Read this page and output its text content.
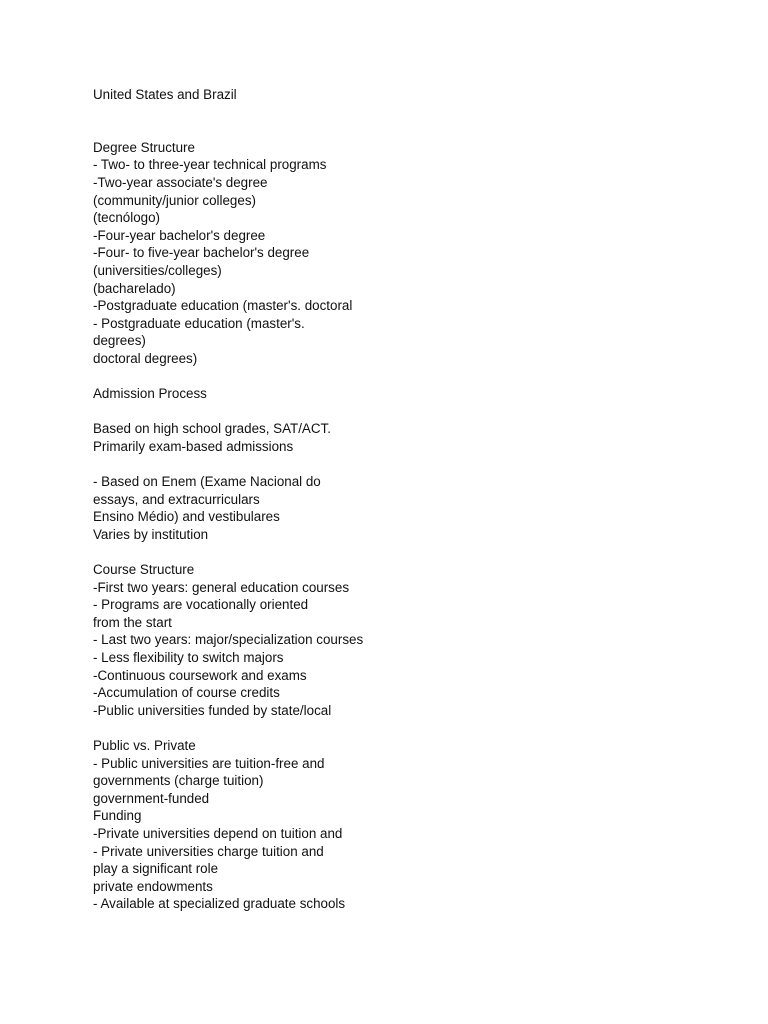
United States and Brazil
Degree Structure
- Two- to three-year technical programs
-Two-year associate's degree
(community/junior colleges)
(tecnólogo)
-Four-year bachelor's degree
-Four- to five-year bachelor's degree
(universities/colleges)
(bacharelado)
-Postgraduate education (master's. doctoral
- Postgraduate education (master's.
degrees)
doctoral degrees)
Admission Process
Based on high school grades, SAT/ACT.
Primarily exam-based admissions
- Based on Enem (Exame Nacional do
essays, and extracurriculars
Ensino Médio) and vestibulares
Varies by institution
Course Structure
-First two years: general education courses
- Programs are vocationally oriented
from the start
- Last two years: major/specialization courses
- Less flexibility to switch majors
-Continuous coursework and exams
-Accumulation of course credits
-Public universities funded by state/local
Public vs. Private
- Public universities are tuition-free and
governments (charge tuition)
government-funded
Funding
-Private universities depend on tuition and
- Private universities charge tuition and
play a significant role
private endowments
- Available at specialized graduate schools
